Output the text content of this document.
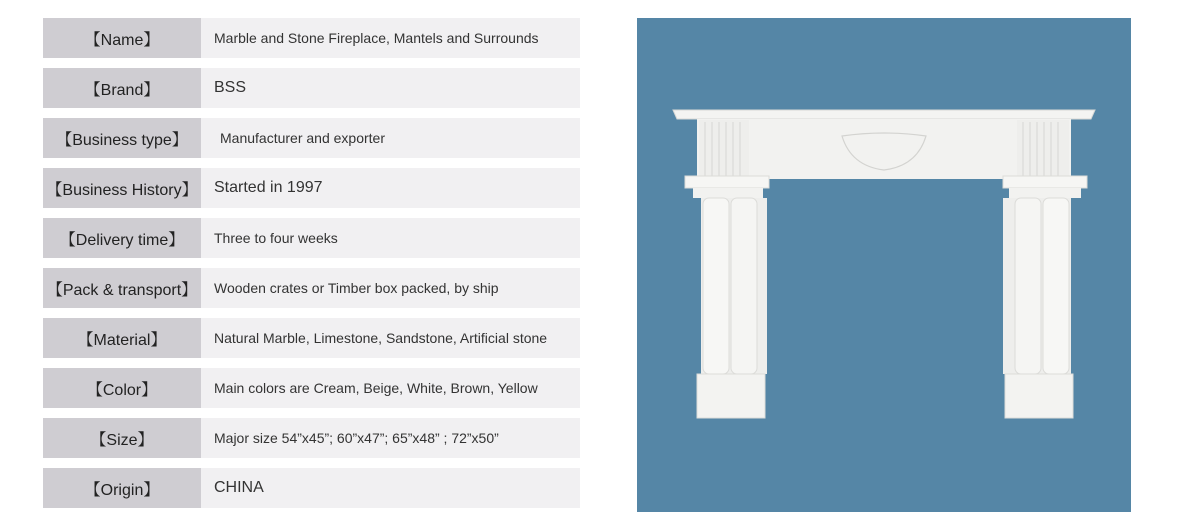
【Name】	Marble and Stone Fireplace, Mantels and Surrounds
【Brand】	BSS
【Business type】	Manufacturer and exporter
【Business History】	Started in 1997
【Delivery time】	Three to four weeks
【Pack & transport】	Wooden crates or Timber box packed, by ship
【Material】	Natural Marble, Limestone, Sandstone, Artificial stone
【Color】	Main colors are Cream, Beige, White, Brown, Yellow
【Size】	Major size 54”x45”; 60”x47”; 65”x48” ; 72”x50”
【Origin】	CHINA
